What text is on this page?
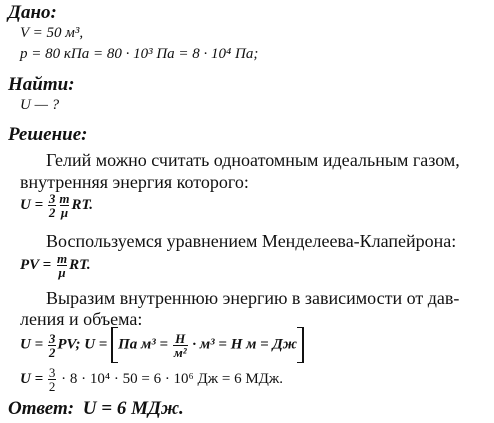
Дано:
V = 50 м³,
p = 80 кПа = 80 · 10³ Па = 8 · 10⁴ Па;
Найти:
U — ?
Решение:
Гелий можно считать одноатомным идеальным газом,
внутренняя энергия которого:
$U = \frac{3}{2} \frac{m}{\mu}$ RT.
Воспользуемся уравнением Менделеева-Клапейрона:
PV = $\frac{m}{\mu}$ RT.
Выразим внутреннюю энергию в зависимости от дав-
ления и объема:
$U = \frac{3}{2}$ PV; U = Па $м^3 = \frac{Н}{\text{м²}} \cdot м^3 = Н$ м = Дж
$U = \frac{3}{2} \cdot 8 \cdot 10^4 \cdot 50 = 6 \cdot 10^6$ Дж = 6 МДж.
Ответ: U = 6 МДж.
